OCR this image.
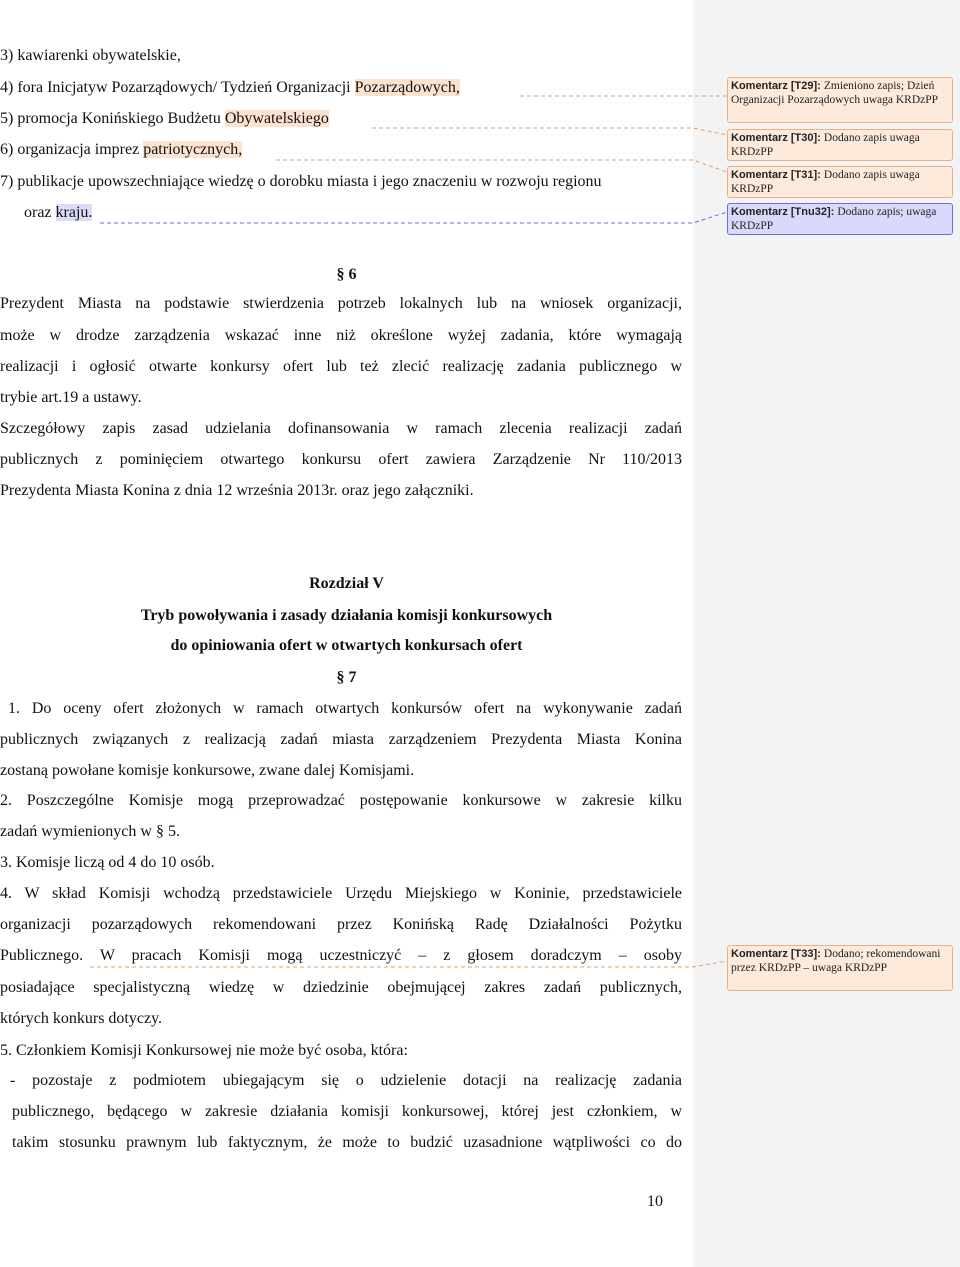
3) kawiarenki obywatelskie,
4) fora Inicjatyw Pozarządowych/ Tydzień Organizacji Pozarządowych,
5) promocja Konińskiego Budżetu Obywatelskiego
6) organizacja imprez patriotycznych,
7) publikacje upowszechniające wiedzę o dorobku miasta i jego znaczeniu w rozwoju regionu
oraz kraju.
§ 6
Prezydent Miasta na podstawie stwierdzenia potrzeb lokalnych lub na wniosek organizacji,
może w drodze zarządzenia wskazać inne niż określone wyżej zadania, które wymagają
realizacji i ogłosić otwarte konkursy ofert lub też zlecić realizację zadania publicznego w
trybie art.19 a ustawy.
Szczegółowy zapis zasad udzielania dofinansowania w ramach zlecenia realizacji zadań
publicznych z pominięciem otwartego konkursu ofert zawiera Zarządzenie Nr 110/2013
Prezydenta Miasta Konina z dnia 12 września 2013r. oraz jego załączniki.
Rozdział V
Tryb powoływania i zasady działania komisji konkursowych
do opiniowania ofert w otwartych konkursach ofert
§ 7
1. Do oceny ofert złożonych w ramach otwartych konkursów ofert na wykonywanie zadań
publicznych związanych z realizacją zadań miasta zarządzeniem Prezydenta Miasta Konina
zostaną powołane komisje konkursowe, zwane dalej Komisjami.
2. Poszczególne Komisje mogą przeprowadzać postępowanie konkursowe w zakresie kilku
zadań wymienionych w § 5.
3. Komisje liczą od 4 do 10 osób.
4. W skład Komisji wchodzą przedstawiciele Urzędu Miejskiego w Koninie, przedstawiciele
organizacji pozarządowych rekomendowani przez Konińską Radę Działalności Pożytku
Publicznego. W pracach Komisji mogą uczestniczyć – z głosem doradczym – osoby
posiadające specjalistyczną wiedzę w dziedzinie obejmującej zakres zadań publicznych,
których konkurs dotyczy.
5. Członkiem Komisji Konkursowej nie może być osoba, która:
- pozostaje z podmiotem ubiegającym się o udzielenie dotacji na realizację zadania
publicznego, będącego w zakresie działania komisji konkursowej, której jest członkiem, w
takim stosunku prawnym lub faktycznym, że może to budzić uzasadnione wątpliwości co do
10
Komentarz [T29]: Zmieniono zapis; Dzień Organizacji Pozarządowych uwaga KRDzPP
Komentarz [T30]: Dodano zapis uwaga KRDzPP
Komentarz [T31]: Dodano zapis uwaga KRDzPP
Komentarz [Tnu32]: Dodano zapis; uwaga KRDzPP
Komentarz [T33]: Dodano; rekomendowani przez KRDzPP – uwaga KRDzPP
